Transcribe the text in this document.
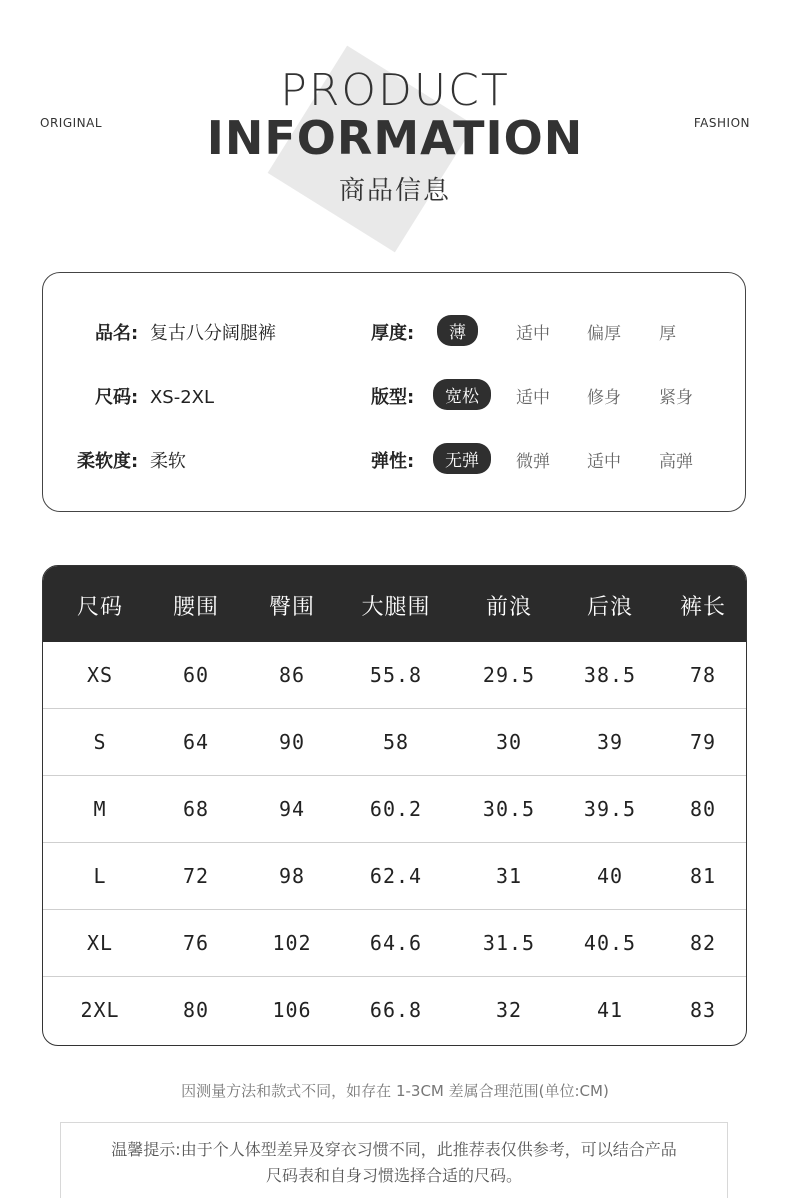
ORIGINAL	FASHION
PRODUCT
INFORMATION
商品信息
品名: 复古八分阔腿裤
尺码: XS-2XL
柔软度: 柔软
厚度:	薄	适中 偏厚 厚
版型:	宽松	适中 修身 紧身
弹性:	无弹	微弹 适中 高弹
尺码	腰围	臀围	大腿围	前浪	后浪	裤长
XS	60	86	55.8	29.5	38.5	78
S	64	90	58	30	39	79
M	68	94	60.2	30.5	39.5	80
L	72	98	62.4	31	40	81
XL	76	102	64.6	31.5	40.5	82
2XL	80	106	66.8	32	41	83
因测量方法和款式不同，如存在 1-3CM 差属合理范围(单位:CM)
温馨提示:由于个人体型差异及穿衣习惯不同，此推荐表仅供参考，可以结合产品
尺码表和自身习惯选择合适的尺码。
